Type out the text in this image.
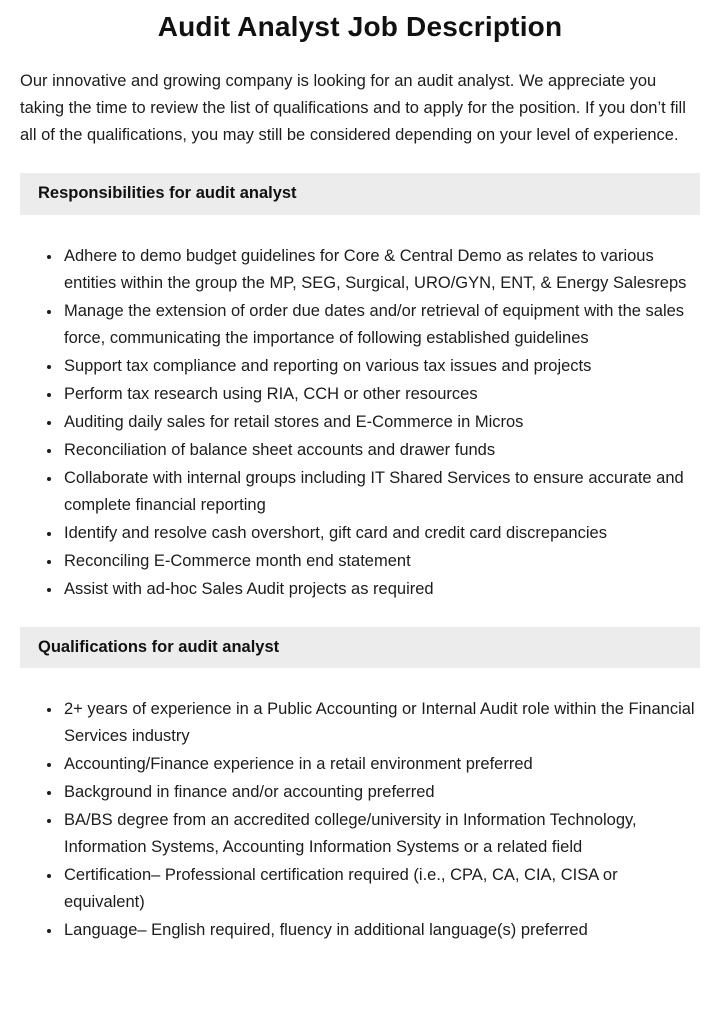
Audit Analyst Job Description

Our innovative and growing company is looking for an audit analyst. We appreciate you taking the time to review the list of qualifications and to apply for the position. If you don’t fill all of the qualifications, you may still be considered depending on your level of experience.

Responsibilities for audit analyst
• Adhere to demo budget guidelines for Core & Central Demo as relates to various entities within the group the MP, SEG, Surgical, URO/GYN, ENT, & Energy Salesreps
• Manage the extension of order due dates and/or retrieval of equipment with the sales force, communicating the importance of following established guidelines
• Support tax compliance and reporting on various tax issues and projects
• Perform tax research using RIA, CCH or other resources
• Auditing daily sales for retail stores and E-Commerce in Micros
• Reconciliation of balance sheet accounts and drawer funds
• Collaborate with internal groups including IT Shared Services to ensure accurate and complete financial reporting
• Identify and resolve cash overshort, gift card and credit card discrepancies
• Reconciling E-Commerce month end statement
• Assist with ad-hoc Sales Audit projects as required
Qualifications for audit analyst
• 2+ years of experience in a Public Accounting or Internal Audit role within the Financial Services industry
• Accounting/Finance experience in a retail environment preferred
• Background in finance and/or accounting preferred
• BA/BS degree from an accredited college/university in Information Technology, Information Systems, Accounting Information Systems or a related field
• Certification– Professional certification required (i.e., CPA, CA, CIA, CISA or equivalent)
• Language– English required, fluency in additional language(s) preferred
